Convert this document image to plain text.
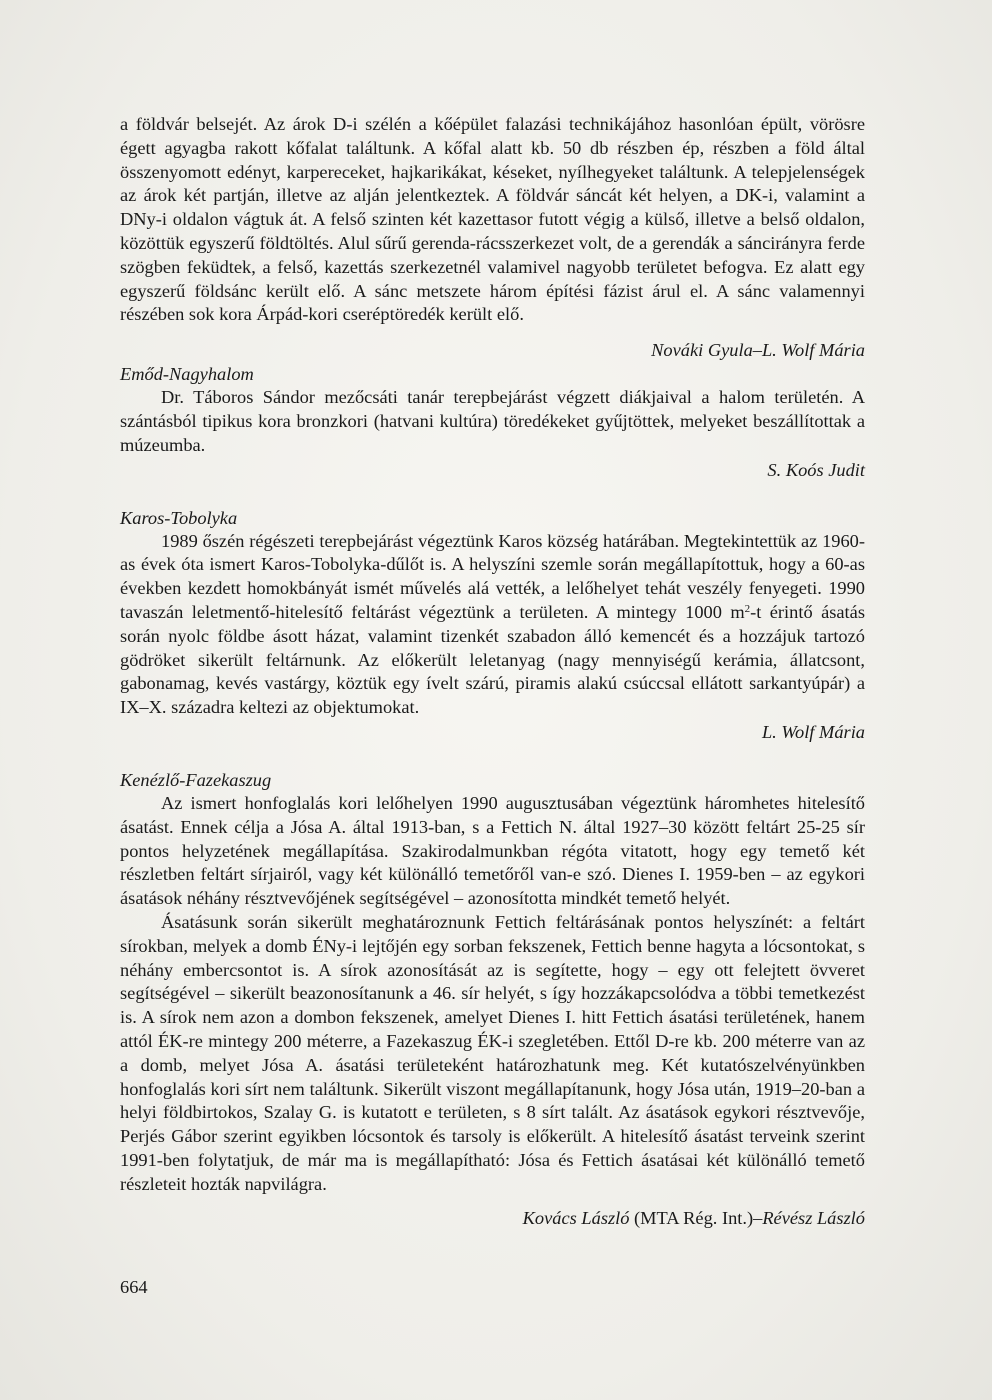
a földvár belsejét. Az árok D-i szélén a kőépület falazási technikájához hasonlóan épült, vörösre égett agyagba rakott kőfalat találtunk. A kőfal alatt kb. 50 db részben ép, részben a föld által összenyomott edényt, karpereceket, hajkarikákat, késeket, nyílhegyeket találtunk. A telepjelenségek az árok két partján, illetve az alján jelentkeztek. A földvár sáncát két helyen, a DK-i, valamint a DNy-i oldalon vágtuk át. A felső szinten két kazettasor futott végig a külső, illetve a belső oldalon, közöttük egyszerű földtöltés. Alul sűrű gerenda-rácsszerkezet volt, de a gerendák a sáncirányra ferde szögben feküdtek, a felső, kazettás szerkezetnél valamivel nagyobb területet befogva. Ez alatt egy egyszerű földsánc került elő. A sánc metszete három építési fázist árul el. A sánc valamennyi részében sok kora Árpád-kori cseréptöredék került elő.

Nováki Gyula–L. Wolf Mária

Emőd-Nagyhalom

Dr. Táboros Sándor mezőcsáti tanár terepbejárást végzett diákjaival a halom területén. A szántásból tipikus kora bronzkori (hatvani kultúra) töredékeket gyűjtöttek, melyeket beszállítottak a múzeumba.

S. Koós Judit

Karos-Tobolyka

1989 őszén régészeti terepbejárást végeztünk Karos község határában. Megtekintettük az 1960-as évek óta ismert Karos-Tobolyka-dűlőt is. A helyszíni szemle során megállapítottuk, hogy a 60-as években kezdett homokbányát ismét művelés alá vették, a lelőhelyet tehát veszély fenyegeti. 1990 tavaszán leletmentő-hitelesítő feltárást végeztünk a területen. A mintegy 1000 $m^2-t$ érintő ásatás során nyolc földbe ásott házat, valamint tizenkét szabadon álló kemencét és a hozzájuk tartozó gödröket sikerült feltárnunk. Az előkerült leletanyag (nagy mennyiségű kerámia, állatcsont, gabonamag, kevés vastárgy, köztük egy ívelt szárú, piramis alakú csúccsal ellátott sarkantyúpár) a IX–X. századra keltezi az objektumokat.

L. Wolf Mária

Kenézlő-Fazekaszug

Az ismert honfoglalás kori lelőhelyen 1990 augusztusában végeztünk háromhetes hitelesítő ásatást. Ennek célja a Jósa A. által 1913-ban, s a Fettich N. által 1927–30 között feltárt 25-25 sír pontos helyzetének megállapítása. Szakirodalmunkban régóta vitatott, hogy egy temető két részletben feltárt sírjairól, vagy két különálló temetőről van-e szó. Dienes I. 1959-ben – az egykori ásatások néhány résztvevőjének segítségével – azonosította mindkét temető helyét.

Ásatásunk során sikerült meghatároznunk Fettich feltárásának pontos helyszínét: a feltárt sírokban, melyek a domb ÉNy-i lejtőjén egy sorban fekszenek, Fettich benne hagyta a lócsontokat, s néhány embercsontot is. A sírok azonosítását az is segítette, hogy – egy ott felejtett övveret segítségével – sikerült beazonosítanunk a 46. sír helyét, s így hozzákapcsolódva a többi temetkezést is. A sírok nem azon a dombon fekszenek, amelyet Dienes I. hitt Fettich ásatási területének, hanem attól ÉK-re mintegy 200 méterre, a Fazekaszug ÉK-i szegletében. Ettől D-re kb. 200 méterre van az a domb, melyet Jósa A. ásatási területeként határozhatunk meg. Két kutatószelvényünkben honfoglalás kori sírt nem találtunk. Sikerült viszont megállapítanunk, hogy Jósa után, 1919–20-ban a helyi földbirtokos, Szalay G. is kutatott e területen, s 8 sírt talált. Az ásatások egykori résztvevője, Perjés Gábor szerint egyikben lócsontok és tarsoly is előkerült. A hitelesítő ásatást terveink szerint 1991-ben folytatjuk, de már ma is megállapítható: Jósa és Fettich ásatásai két különálló temető részleteit hozták napvilágra.

Kovács László (MTA Rég. Int.)–Révész László

664
